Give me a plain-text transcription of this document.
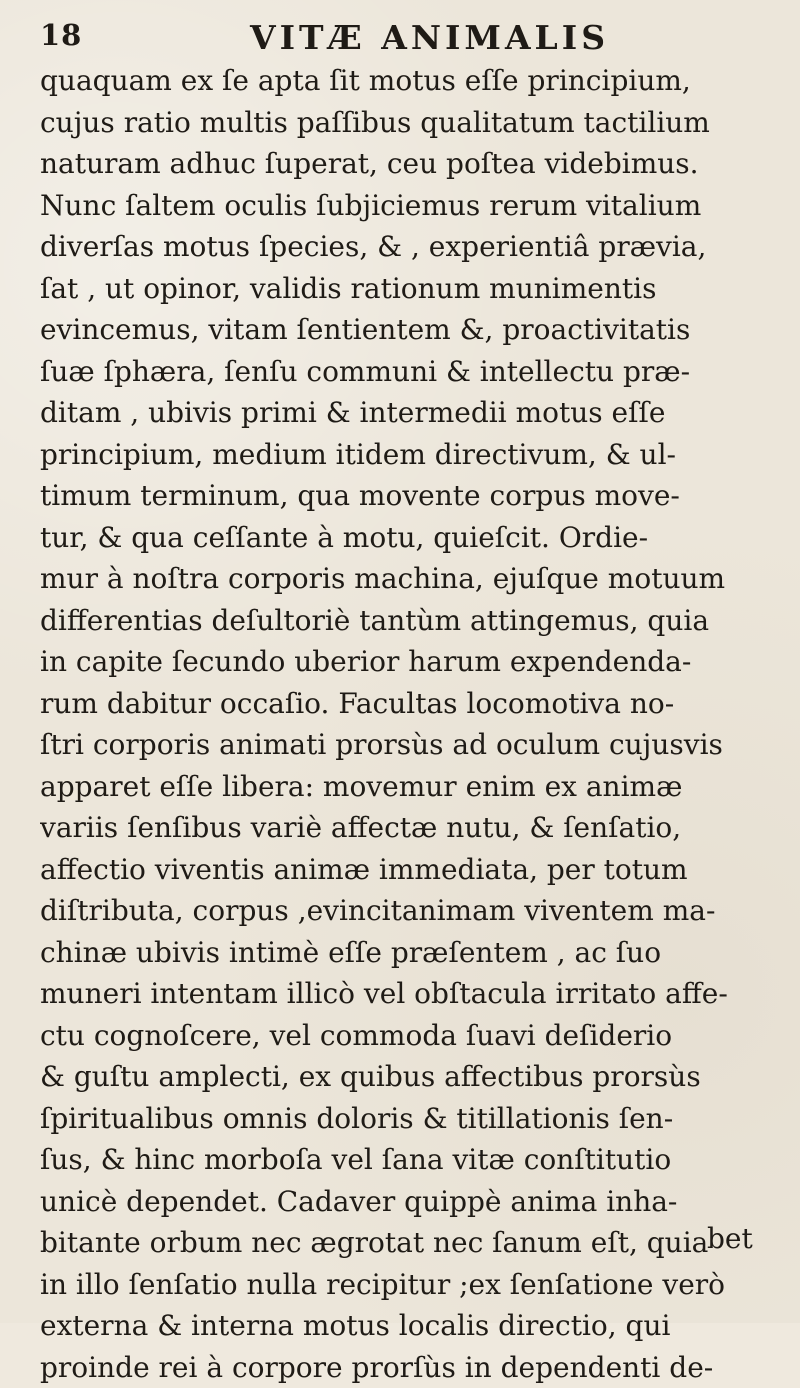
18	VITÆ ANIMALIS
quaquam ex ſe apta ſit motus eſſe principium,
cujus ratio multis paſſibus qualitatum tactilium
naturam adhuc ſuperat, ceu poſtea videbimus.
Nunc ſaltem oculis ſubjiciemus rerum vitalium
diverſas motus ſpecies, & , experientiâ prævia,
ſat , ut opinor, validis rationum munimentis
evincemus, vitam ſentientem &, proactivitatis
ſuæ ſphæra, ſenſu communi & intellectu præ-
ditam , ubivis primi & intermedii motus eſſe
principium, medium itidem directivum, & ul-
timum terminum, qua movente corpus move-
tur, & qua ceſſante à motu, quieſcit. Ordie-
mur à noſtra corporis machina, ejuſque motuum
differentias deſultoriè tantùm attingemus, quia
in capite ſecundo uberior harum expendenda-
rum dabitur occaſio. Facultas locomotiva no-
ſtri corporis animati prorsùs ad oculum cujusvis
apparet eſſe libera: movemur enim ex animæ
variis ſenſibus variè affectæ nutu, & ſenſatio,
affectio viventis animæ immediata, per totum
diſtributa, corpus ,evincitanimam viventem ma-
chinæ ubivis intimè eſſe præſentem , ac ſuo
muneri intentam illicò vel obſtacula irritato affe-
ctu cognoſcere, vel commoda ſuavi deſiderio
& guſtu amplecti, ex quibus affectibus prorsùs
ſpiritualibus omnis doloris & titillationis ſen-
ſus, & hinc morboſa vel ſana vitæ conſtitutio
unicè dependet. Cadaver quippè anima inha-
bitante orbum nec ægrotat nec ſanum eſt, quia
in illo ſenſatio nulla recipitur ;ex ſenſatione verò
externa & interna motus localis directio, qui
proinde rei à corpore prorſùs in dependenti de-
bet
